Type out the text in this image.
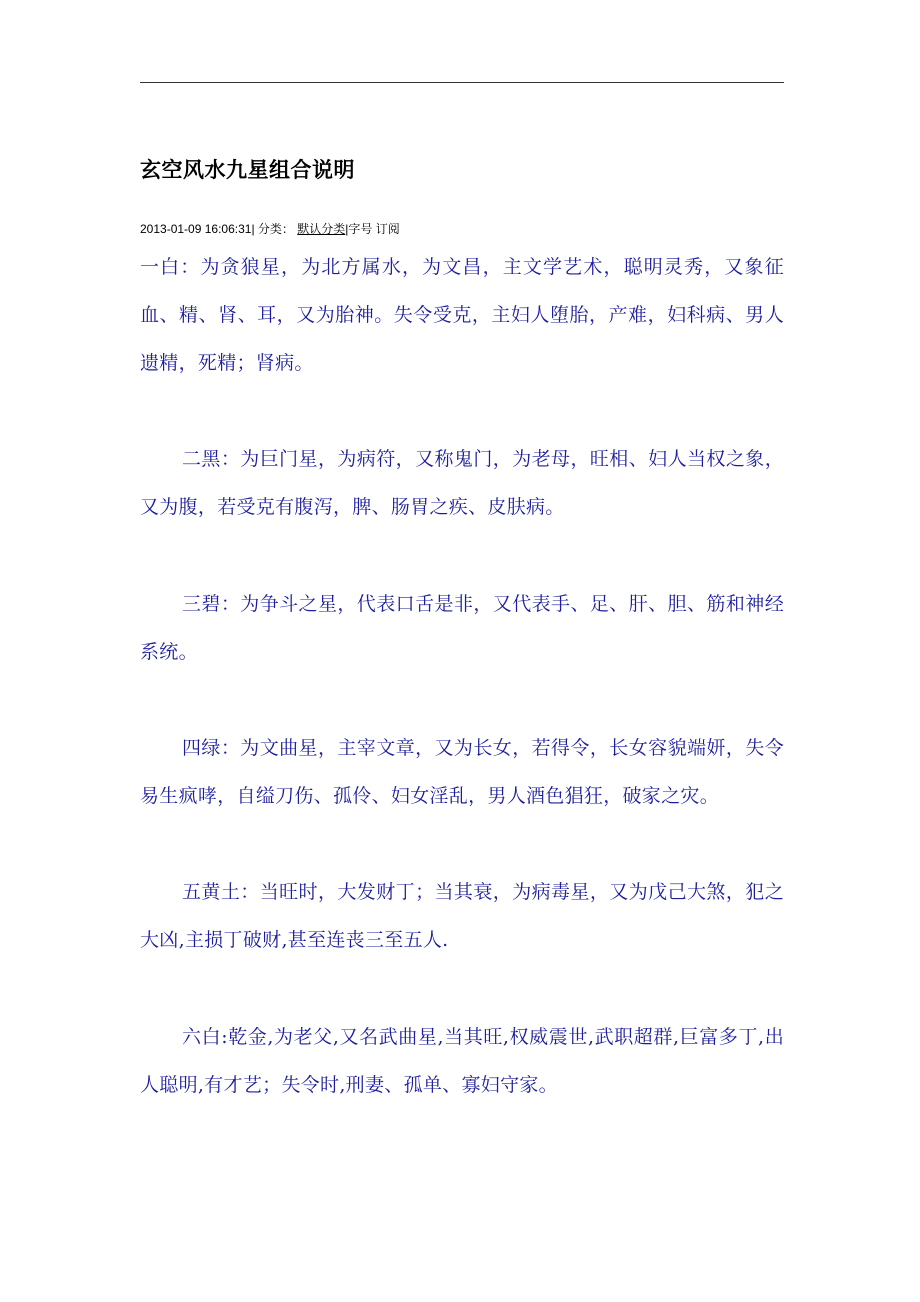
玄空风水九星组合说明
2013-01-09 16:06:31| 分类： 默认分类|字号 订阅

一白：为贪狼星，为北方属水，为文昌，主文学艺术，聪明灵秀，又象征血、精、肾、耳，又为胎神。失令受克，主妇人堕胎，产难，妇科病、男人遗精，死精；肾病。

二黑：为巨门星，为病符，又称鬼门，为老母，旺相、妇人当权之象，又为腹，若受克有腹泻，脾、肠胃之疾、皮肤病。

三碧：为争斗之星，代表口舌是非，又代表手、足、肝、胆、筋和神经系统。

四绿：为文曲星，主宰文章，又为长女，若得令，长女容貌端妍，失令易生疯哮，自缢刀伤、孤伶、妇女淫乱，男人酒色猖狂，破家之灾。

五黄土：当旺时，大发财丁；当其衰，为病毒星，又为戊己大煞，犯之大凶,主损丁破财,甚至连丧三至五人.

六白:乾金,为老父,又名武曲星,当其旺,权威震世,武职超群,巨富多丁,出人聪明,有才艺；失令时,刑妻、孤单、寡妇守家。
